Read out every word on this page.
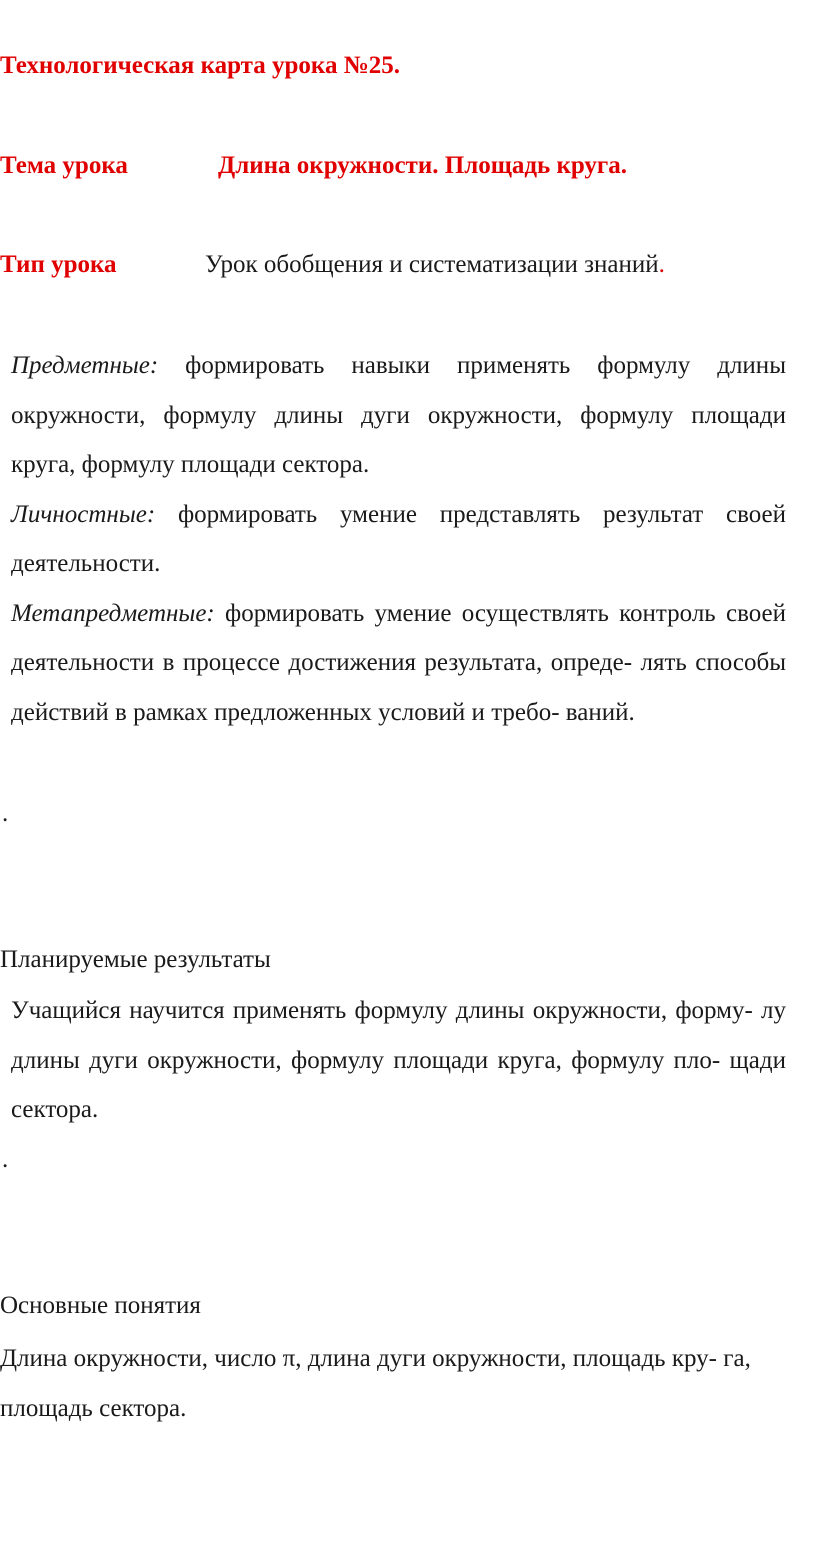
Технологическая карта урока №25.
Тема урока	Длина окружности. Площадь круга.
Тип урока	Урок обобщения и систематизации знаний.
Предметные: формировать навыки применять формулу длины окружности, формулу длины дуги окружности, формулу площади круга, формулу площади сектора.
Личностные: формировать умение представлять результат своей деятельности.
Метапредметные: формировать умение осуществлять контроль своей деятельности в процессе достижения результата, опреде- лять способы действий в рамках предложенных условий и требо- ваний.
.
Планируемые результаты
Учащийся научится применять формулу длины окружности, форму- лу длины дуги окружности, формулу площади круга, формулу пло- щади сектора.
.
Основные понятия
Длина окружности, число π, длина дуги окружности, площадь кру- га, площадь сектора.
